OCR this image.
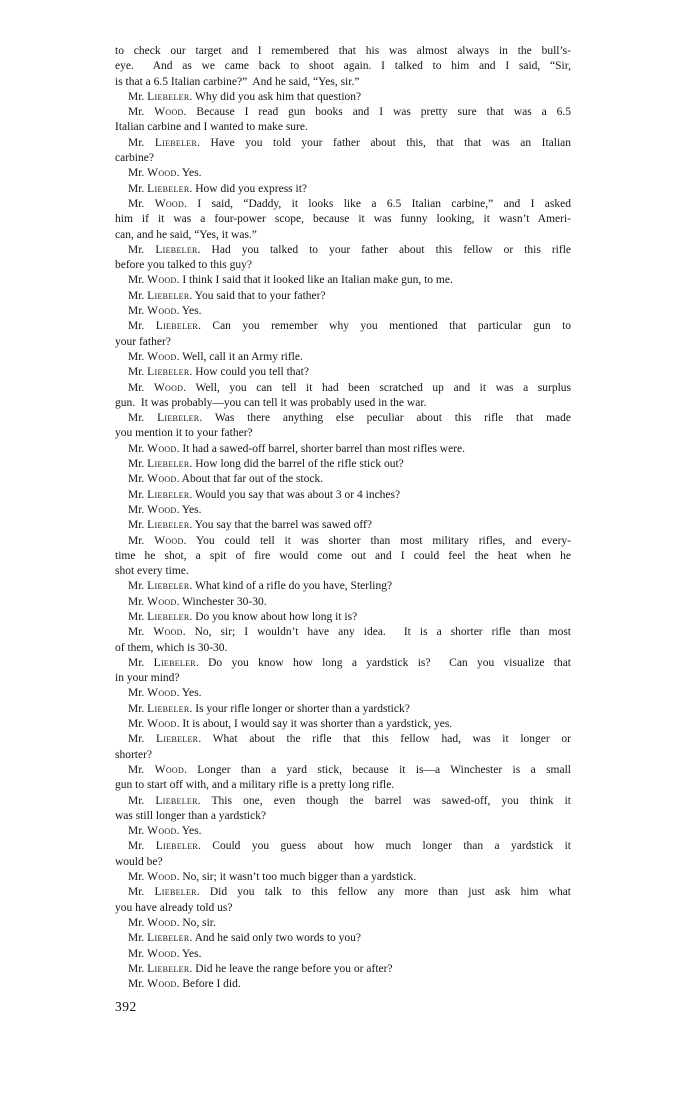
to check our target and I remembered that his was almost always in the bull’s-
eye.  And as we came back to shoot again. I talked to him and I said, “Sir,
is that a 6.5 Italian carbine?”  And he said, “Yes, sir.”
Mr. Liebeler. Why did you ask him that question?
Mr. Wood. Because I read gun books and I was pretty sure that was a 6.5
Italian carbine and I wanted to make sure.
Mr. Liebeler. Have you told your father about this, that that was an Italian
carbine?
Mr. Wood. Yes.
Mr. Liebeler. How did you express it?
Mr. Wood. I said, “Daddy, it looks like a 6.5 Italian carbine,” and I asked
him if it was a four-power scope, because it was funny looking, it wasn’t Ameri-
can, and he said, “Yes, it was.”
Mr. Liebeler. Had you talked to your father about this fellow or this rifle
before you talked to this guy?
Mr. Wood. I think I said that it looked like an Italian make gun, to me.
Mr. Liebeler. You said that to your father?
Mr. Wood. Yes.
Mr. Liebeler. Can you remember why you mentioned that particular gun to
your father?
Mr. Wood. Well, call it an Army rifle.
Mr. Liebeler. How could you tell that?
Mr. Wood. Well, you can tell it had been scratched up and it was a surplus
gun.  It was probably—you can tell it was probably used in the war.
Mr. Liebeler. Was there anything else peculiar about this rifle that made
you mention it to your father?
Mr. Wood. It had a sawed-off barrel, shorter barrel than most rifles were.
Mr. Liebeler. How long did the barrel of the rifle stick out?
Mr. Wood. About that far out of the stock.
Mr. Liebeler. Would you say that was about 3 or 4 inches?
Mr. Wood. Yes.
Mr. Liebeler. You say that the barrel was sawed off?
Mr. Wood. You could tell it was shorter than most military rifles, and every-
time he shot, a spit of fire would come out and I could feel the heat when he
shot every time.
Mr. Liebeler. What kind of a rifle do you have, Sterling?
Mr. Wood. Winchester 30-30.
Mr. Liebeler. Do you know about how long it is?
Mr. Wood. No, sir; I wouldn’t have any idea.  It is a shorter rifle than most
of them, which is 30-30.
Mr. Liebeler. Do you know how long a yardstick is?  Can you visualize that
in your mind?
Mr. Wood. Yes.
Mr. Liebeler. Is your rifle longer or shorter than a yardstick?
Mr. Wood. It is about, I would say it was shorter than a yardstick, yes.
Mr. Liebeler. What about the rifle that this fellow had, was it longer or
shorter?
Mr. Wood. Longer than a yard stick, because it is—a Winchester is a small
gun to start off with, and a military rifle is a pretty long rifle.
Mr. Liebeler. This one, even though the barrel was sawed-off, you think it
was still longer than a yardstick?
Mr. Wood. Yes.
Mr. Liebeler. Could you guess about how much longer than a yardstick it
would be?
Mr. Wood. No, sir; it wasn’t too much bigger than a yardstick.
Mr. Liebeler. Did you talk to this fellow any more than just ask him what
you have already told us?
Mr. Wood. No, sir.
Mr. Liebeler. And he said only two words to you?
Mr. Wood. Yes.
Mr. Liebeler. Did he leave the range before you or after?
Mr. Wood. Before I did.
392
